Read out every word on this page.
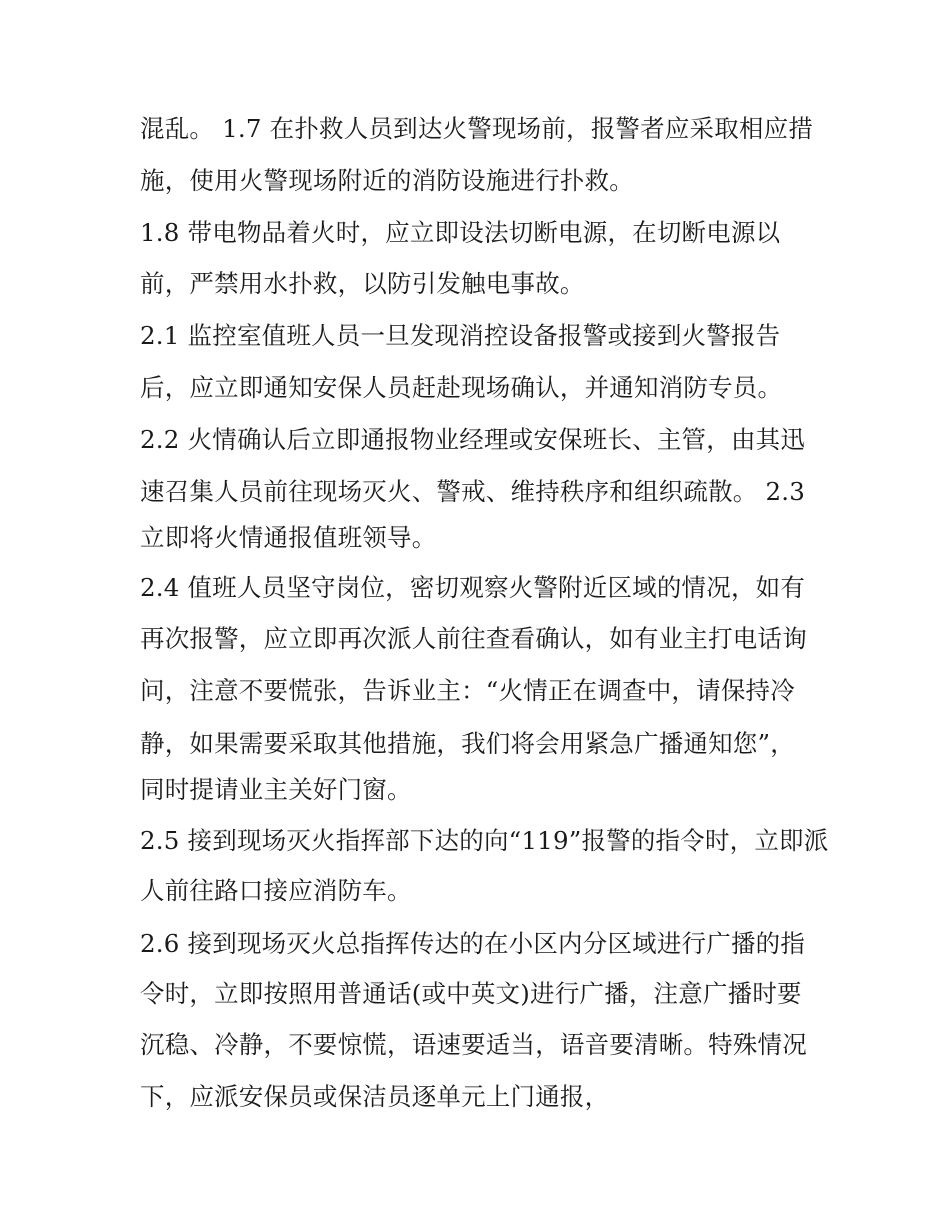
混乱。 1.7 在扑救人员到达火警现场前，报警者应采取相应措
施，使用火警现场附近的消防设施进行扑救。
1.8 带电物品着火时，应立即设法切断电源，在切断电源以
前，严禁用水扑救，以防引发触电事故。
2.1 监控室值班人员一旦发现消控设备报警或接到火警报告
后，应立即通知安保人员赶赴现场确认，并通知消防专员。
2.2 火情确认后立即通报物业经理或安保班长、主管，由其迅
速召集人员前往现场灭火、警戒、维持秩序和组织疏散。 2.3
立即将火情通报值班领导。
2.4 值班人员坚守岗位，密切观察火警附近区域的情况，如有
再次报警，应立即再次派人前往查看确认，如有业主打电话询
问，注意不要慌张，告诉业主：“火情正在调查中，请保持冷
静，如果需要采取其他措施，我们将会用紧急广播通知您”，
同时提请业主关好门窗。
2.5 接到现场灭火指挥部下达的向“119”报警的指令时，立即派
人前往路口接应消防车。
2.6 接到现场灭火总指挥传达的在小区内分区域进行广播的指
令时，立即按照用普通话(或中英文)进行广播，注意广播时要
沉稳、冷静，不要惊慌，语速要适当，语音要清晰。特殊情况
下，应派安保员或保洁员逐单元上门通报，
